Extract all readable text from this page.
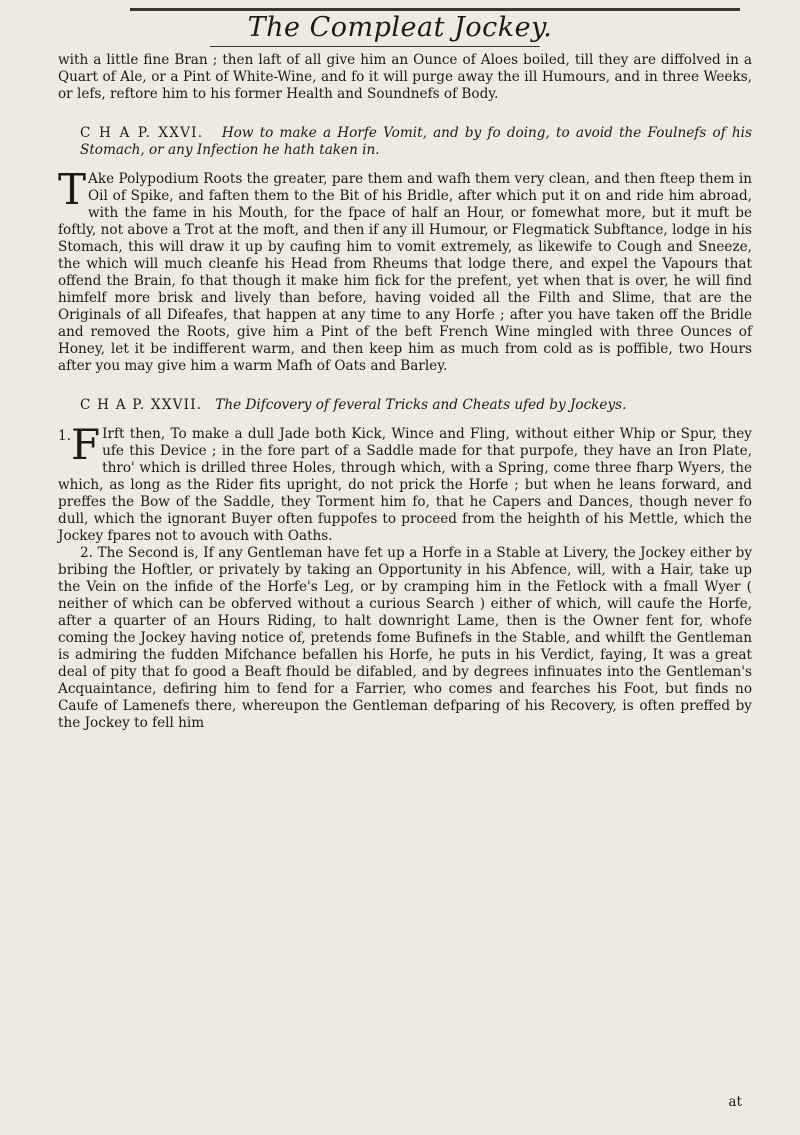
The Compleat Jockey.

with a little fine Bran ; then laft of all give him an Ounce of Aloes boiled, till they are diffolved in a Quart of Ale, or a Pint of White-Wine, and fo it will purge away the ill Humours, and in three Weeks, or lefs, reftore him to his former Health and Soundnefs of Body.

C H A P. XXVI. How to make a Horfe Vomit, and by fo doing, to avoid the Foulnefs of his Stomach, or any Infection he hath taken in.

T Ake Polypodium Roots the greater, pare them and wafh them very clean, and then fteep them in Oil of Spike, and faften them to the Bit of his Bridle, after which put it on and ride him abroad, with the fame in his Mouth, for the fpace of half an Hour, or fomewhat more, but it muft be foftly, not above a Trot at the moft, and then if any ill Humour, or Flegmatick Subftance, lodge in his Stomach, this will draw it up by caufing him to vomit extremely, as likewife to Cough and Sneeze, the which will much cleanfe his Head from Rheums that lodge there, and expel the Vapours that offend the Brain, fo that though it make him fick for the prefent, yet when that is over, he will find himfelf more brisk and lively than before, having voided all the Filth and Slime, that are the Originals of all Difeafes, that happen at any time to any Horfe ; after you have taken off the Bridle and removed the Roots, give him a Pint of the beft French Wine mingled with three Ounces of Honey, let it be indifferent warm, and then keep him as much from cold as is poffible, two Hours after you may give him a warm Mafh of Oats and Barley.

C H A P. XXVII. The Difcovery of feveral Tricks and Cheats ufed by Jockeys.

1. F Irft then, To make a dull Jade both Kick, Wince and Fling, without either Whip or Spur, they ufe this Device ; in the fore part of a Saddle made for that purpofe, they have an Iron Plate, thro' which is drilled three Holes, through which, with a Spring, come three fharp Wyers, the which, as long as the Rider fits upright, do not prick the Horfe ; but when he leans forward, and preffes the Bow of the Saddle, they Torment him fo, that he Capers and Dances, though never fo dull, which the ignorant Buyer often fuppofes to proceed from the heighth of his Mettle, which the Jockey fpares not to avouch with Oaths.

2. The Second is, If any Gentleman have fet up a Horfe in a Stable at Livery, the Jockey either by bribing the Hoftler, or privately by taking an Opportunity in his Abfence, will, with a Hair, take up the Vein on the infide of the Horfe's Leg, or by cramping him in the Fetlock with a fmall Wyer ( neither of which can be obferved without a curious Search ) either of which, will caufe the Horfe, after a quarter of an Hours Riding, to halt downright Lame, then is the Owner fent for, whofe coming the Jockey having notice of, pretends fome Bufinefs in the Stable, and whilft the Gentleman is admiring the fudden Mifchance befallen his Horfe, he puts in his Verdict, faying, It was a great deal of pity that fo good a Beaft fhould be difabled, and by degrees infinuates into the Gentleman's Acquaintance, defiring him to fend for a Farrier, who comes and fearches his Foot, but finds no Caufe of Lamenefs there, whereupon the Gentleman defparing of his Recovery, is often preffed by the Jockey to fell him

at
